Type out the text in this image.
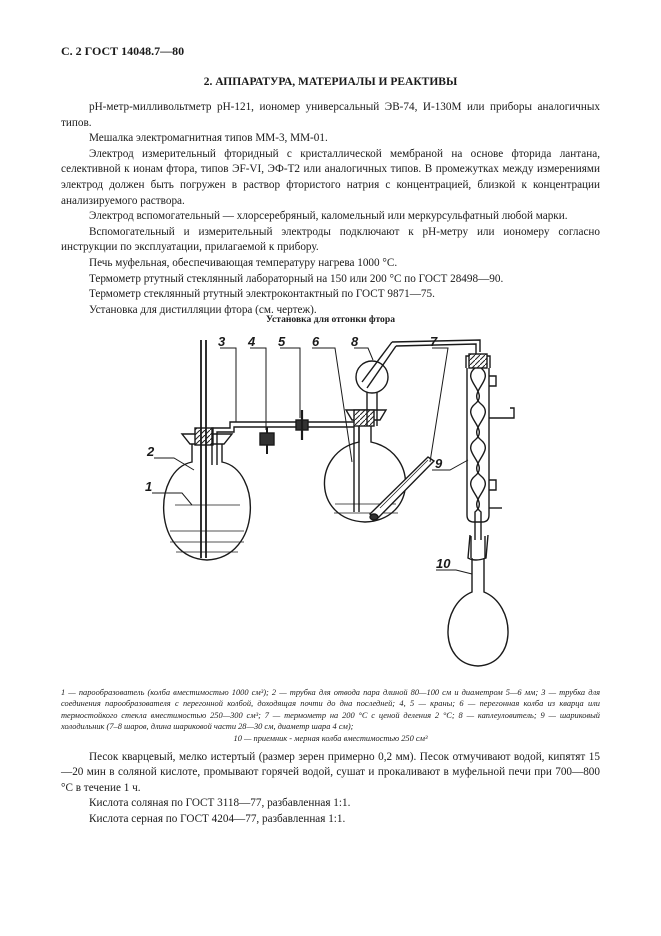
С. 2 ГОСТ 14048.7—80
2. АППАРАТУРА, МАТЕРИАЛЫ И РЕАКТИВЫ

рН-метр-милливольтметр рН-121, иономер универсальный ЭВ-74, И-130М или приборы аналогичных типов.

Мешалка электромагнитная типов ММ-3, ММ-01.

Электрод измерительный фторидный с кристаллической мембраной на основе фторида лантана, селективной к ионам фтора, типов ЭF-VI, ЭФ-Т2 или аналогичных типов. В промежутках между измерениями электрод должен быть погружен в раствор фтористого натрия с концентрацией, близкой к концентрации анализируемого раствора.

Электрод вспомогательный — хлорсеребряный, каломельный или меркурсульфатный любой марки.

Вспомогательный и измерительный электроды подключают к рН-метру или иономеру согласно инструкции по эксплуатации, прилагаемой к прибору.

Печь муфельная, обеспечивающая температуру нагрева 1000 °С.

Термометр ртутный стеклянный лабораторный на 150 или 200 °С по ГОСТ 28498—90.

Термометр стеклянный ртутный электроконтактный по ГОСТ 9871—75.

Установка для дистилляции фтора (см. чертеж).

Установка для отгонки фтора
1
2
3 4 5 6	7
8
9
10

1 — парообразователь (колба вместимостью 1000 см³); 2 — трубка для отвода пара длиной 80—100 см и диаметром 5—6 мм; 3 — трубка для соединения парообразователя с перегонной колбой, доходящая почти до дна последней; 4, 5 — краны; 6 — перегонная колба из кварца или термостойкого стекла вместимостью 250—300 см³; 7 — термометр на 200 °С с ценой деления 2 °С; 8 — каплеуловитель; 9 — шариковый холодильник (7–8 шаров, длина шариковой части 28—30 см, диаметр шара 4 см);

10 — приемник - мерная колба вместимостью 250 см³

Песок кварцевый, мелко истертый (размер зерен примерно 0,2 мм). Песок отмучивают водой, кипятят 15—20 мин в соляной кислоте, промывают горячей водой, сушат и прокаливают в муфельной печи при 700—800 °С в течение 1 ч.

Кислота соляная по ГОСТ 3118—77, разбавленная 1:1.

Кислота серная по ГОСТ 4204—77, разбавленная 1:1.
